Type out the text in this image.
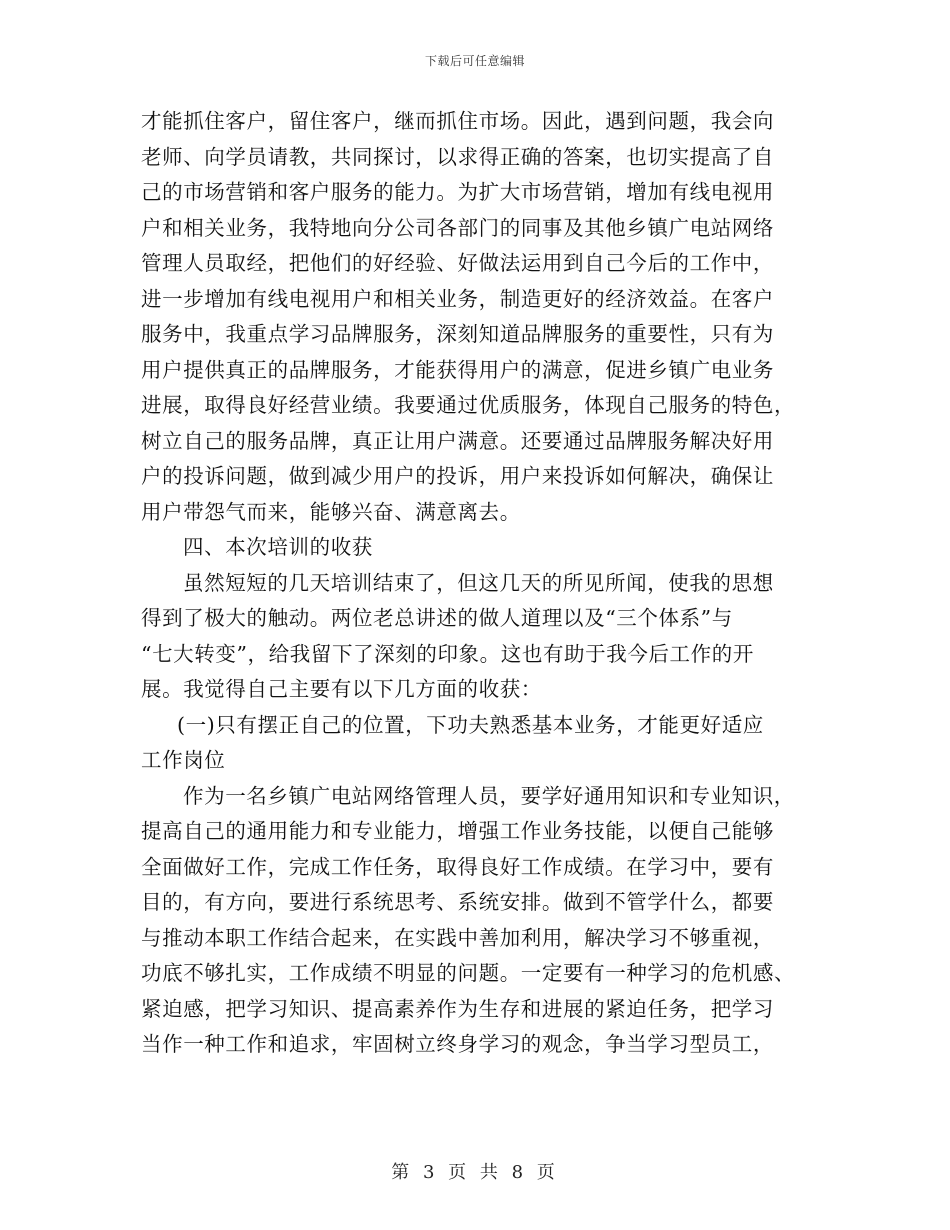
下载后可任意编辑
才能抓住客户，留住客户，继而抓住市场。因此，遇到问题，我会向
老师、向学员请教，共同探讨，以求得正确的答案，也切实提高了自
己的市场营销和客户服务的能力。为扩大市场营销，增加有线电视用
户和相关业务，我特地向分公司各部门的同事及其他乡镇广电站网络
管理人员取经，把他们的好经验、好做法运用到自己今后的工作中，
进一步增加有线电视用户和相关业务，制造更好的经济效益。在客户
服务中，我重点学习品牌服务，深刻知道品牌服务的重要性，只有为
用户提供真正的品牌服务，才能获得用户的满意，促进乡镇广电业务
进展，取得良好经营业绩。我要通过优质服务，体现自己服务的特色，
树立自己的服务品牌，真正让用户满意。还要通过品牌服务解决好用
户的投诉问题，做到减少用户的投诉，用户来投诉如何解决，确保让
用户带怨气而来，能够兴奋、满意离去。
四、本次培训的收获
虽然短短的几天培训结束了，但这几天的所见所闻，使我的思想
得到了极大的触动。两位老总讲述的做人道理以及“三个体系”与
“七大转变”，给我留下了深刻的印象。这也有助于我今后工作的开
展。我觉得自己主要有以下几方面的收获：
(一)只有摆正自己的位置，下功夫熟悉基本业务，才能更好适应
工作岗位
作为一名乡镇广电站网络管理人员，要学好通用知识和专业知识，
提高自己的通用能力和专业能力，增强工作业务技能，以便自己能够
全面做好工作，完成工作任务，取得良好工作成绩。在学习中，要有
目的，有方向，要进行系统思考、系统安排。做到不管学什么，都要
与推动本职工作结合起来，在实践中善加利用，解决学习不够重视，
功底不够扎实，工作成绩不明显的问题。一定要有一种学习的危机感、
紧迫感，把学习知识、提高素养作为生存和进展的紧迫任务，把学习
当作一种工作和追求，牢固树立终身学习的观念，争当学习型员工，
第 3 页 共 8 页
